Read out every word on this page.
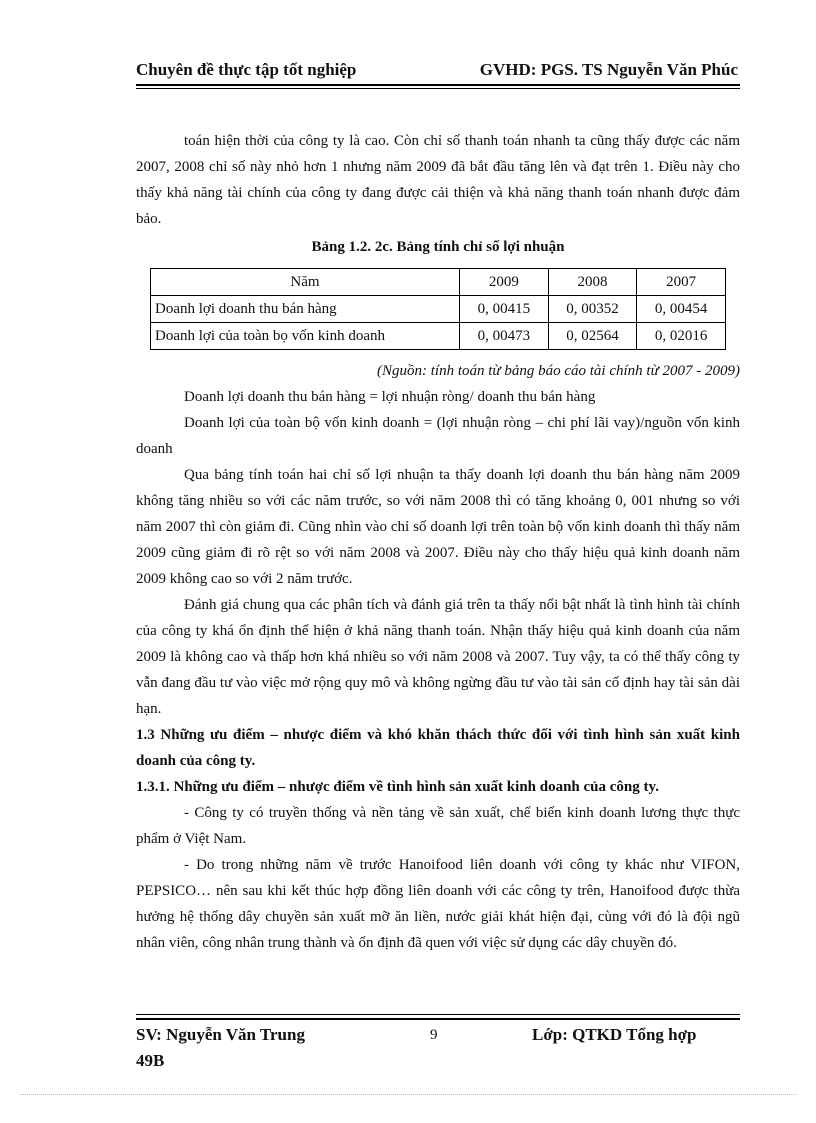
Chuyên đề thực tập tốt nghiệp	GVHD: PGS. TS Nguyễn Văn Phúc

toán hiện thời của công ty là cao. Còn chỉ số thanh toán nhanh ta cũng thấy được các năm 2007, 2008 chỉ số này nhỏ hơn 1 nhưng năm 2009 đã bắt đầu tăng lên và đạt trên 1. Điều này cho thấy khả năng tài chính của công ty đang được cải thiện và khả năng thanh toán nhanh được đảm bảo.

Bảng 1.2. 2c. Bảng tính chỉ số lợi nhuận
Năm	2009	2008	2007
Doanh lợi doanh thu bán hàng	0, 00415	0, 00352	0, 00454
Doanh lợi của toàn bọ vốn kinh doanh	0, 00473	0, 02564	0, 02016
(Nguồn: tính toán từ bảng báo cáo tài chính từ 2007 - 2009)

Doanh lợi doanh thu bán hàng = lợi nhuận ròng/ doanh thu bán hàng

Doanh lợi của toàn bộ vốn kinh doanh = (lợi nhuận ròng – chi phí lãi vay)/nguồn vốn kinh doanh

Qua bảng tính toán hai chỉ số lợi nhuận ta thấy doanh lợi doanh thu bán hàng năm 2009 không tăng nhiều so với các năm trước, so với năm 2008 thì có tăng khoảng 0, 001 nhưng so với năm 2007 thì còn giảm đi. Cũng nhìn vào chỉ số doanh lợi trên toàn bộ vốn kinh doanh thì thấy năm 2009 cũng giảm đi rõ rệt so với năm 2008 và 2007. Điều này cho thấy hiệu quả kinh doanh năm 2009 không cao so với 2 năm trước.

Đánh giá chung qua các phân tích và đánh giá trên ta thấy nổi bật nhất là tình hình tài chính của công ty khá ổn định thể hiện ở khả năng thanh toán. Nhận thấy hiệu quả kinh doanh của năm 2009 là không cao và thấp hơn khá nhiều so với năm 2008 và 2007. Tuy vậy, ta có thể thấy công ty vẫn đang đầu tư vào việc mở rộng quy mô và không ngừng đầu tư vào tài sản cố định hay tài sản dài hạn.

1.3 Những ưu điểm – nhược điểm và khó khăn thách thức đối với tình hình sản xuất kinh doanh của công ty.

1.3.1. Những ưu điểm – nhược điểm về tình hình sản xuất kinh doanh của công ty.

- Công ty có truyền thống và nền tảng về sản xuất, chế biến kinh doanh lương thực thực phẩm ở Việt Nam.

- Do trong những năm về trước Hanoifood liên doanh với công ty khác như VIFON, PEPSICO… nên sau khi kết thúc hợp đồng liên doanh với các công ty trên, Hanoifood được thừa hưởng hệ thống dây chuyền sản xuất mỡ ăn liền, nước giải khát hiện đại, cùng với đó là đội ngũ nhân viên, công nhân trung thành và ổn định đã quen với việc sử dụng các dây chuyền đó.

SV: Nguyễn Văn Trung 49B
9	Lớp: QTKD Tổng hợp
